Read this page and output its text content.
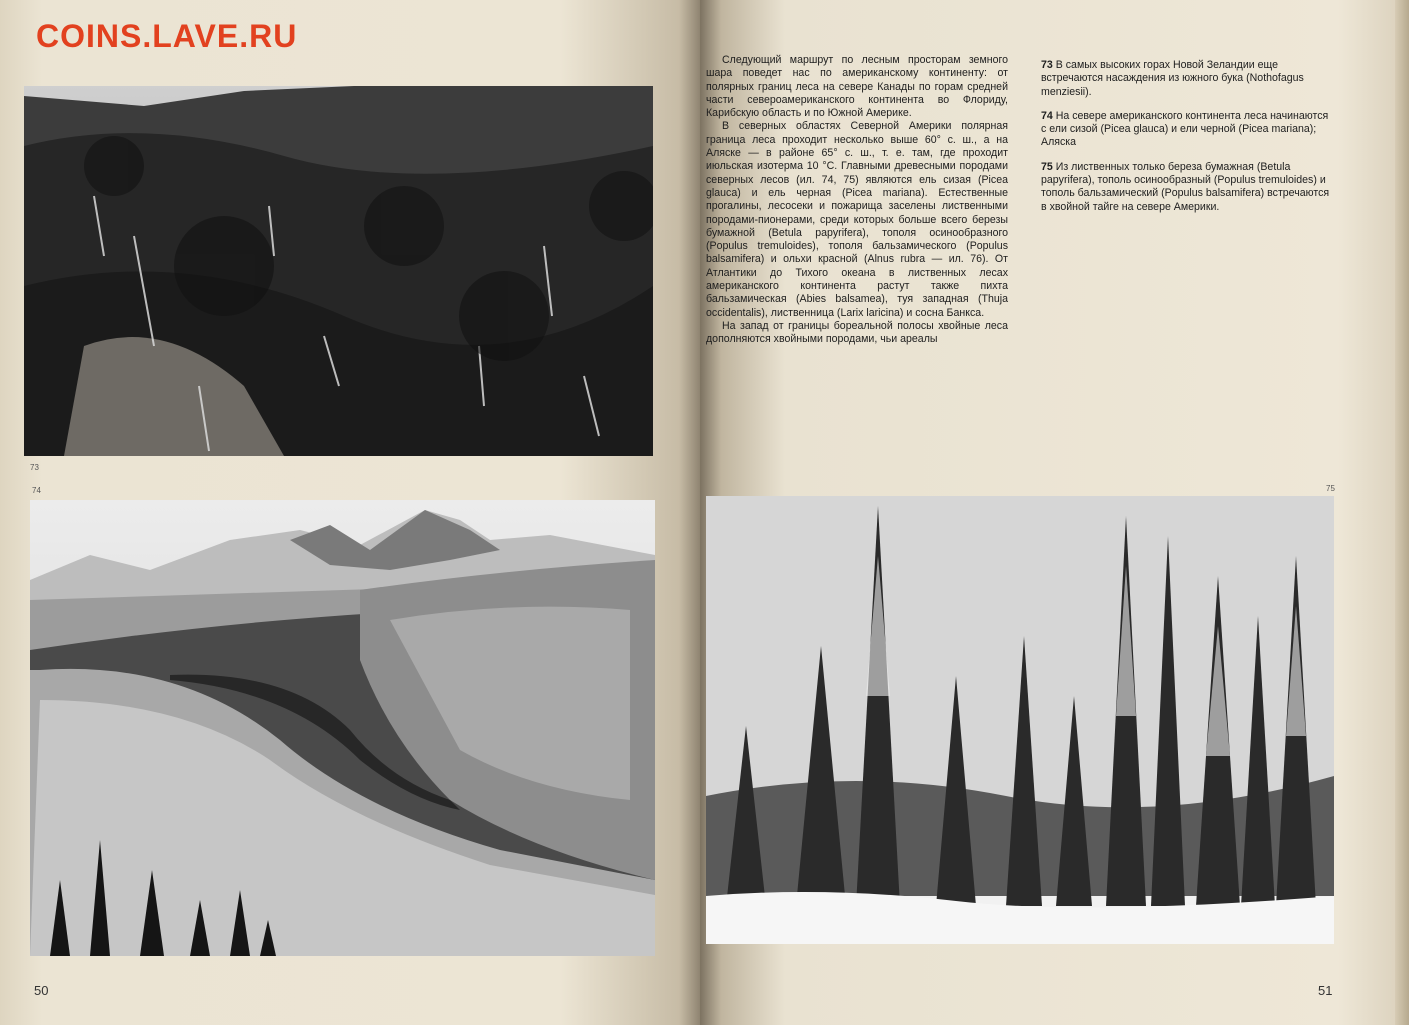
COINS.LAVE.RU
73
74	75

Следующий маршрут по лесным просторам земного шара поведет нас по американскому континенту: от полярных границ леса на севере Канады по горам средней части североамериканского континента во Флориду, Карибскую область и по Южной Америке.

В северных областях Северной Америки полярная граница леса проходит несколько выше 60° с. ш., а на Аляске — в районе 65° с. ш., т. е. там, где проходит июльская изотерма 10 °С. Главными древесными породами северных лесов (ил. 74, 75) являются ель сизая (Picea glauca) и ель черная (Picea mariana). Естественные прогалины, лесосеки и пожарища заселены лиственными породами-пионерами, среди которых больше всего березы бумажной (Betula papyrifera), тополя осинообразного (Populus tremuloides), тополя бальзамического (Populus balsamifera) и ольхи красной (Alnus rubra — ил. 76). От Атлантики до Тихого океана в лиственных лесах американского континента растут также пихта бальзамическая (Abies balsamea), туя западная (Thuja occidentalis), лиственница (Larix laricina) и сосна Банкса.

На запад от границы бореальной полосы хвойные леса дополняются хвойными породами, чьи ареалы

73 В самых высоких горах Новой Зеландии еще встречаются насаждения из южного бука (Nothofagus menziesii).

74 На севере американского континента леса начинаются с ели сизой (Picea glauca) и ели черной (Picea mariana); Аляска

75 Из лиственных только береза бумажная (Betula papyrifera), тополь осинообразный (Populus tremuloides) и тополь бальзамический (Populus balsamifera) встречаются в хвойной тайге на севере Америки.

50	51
